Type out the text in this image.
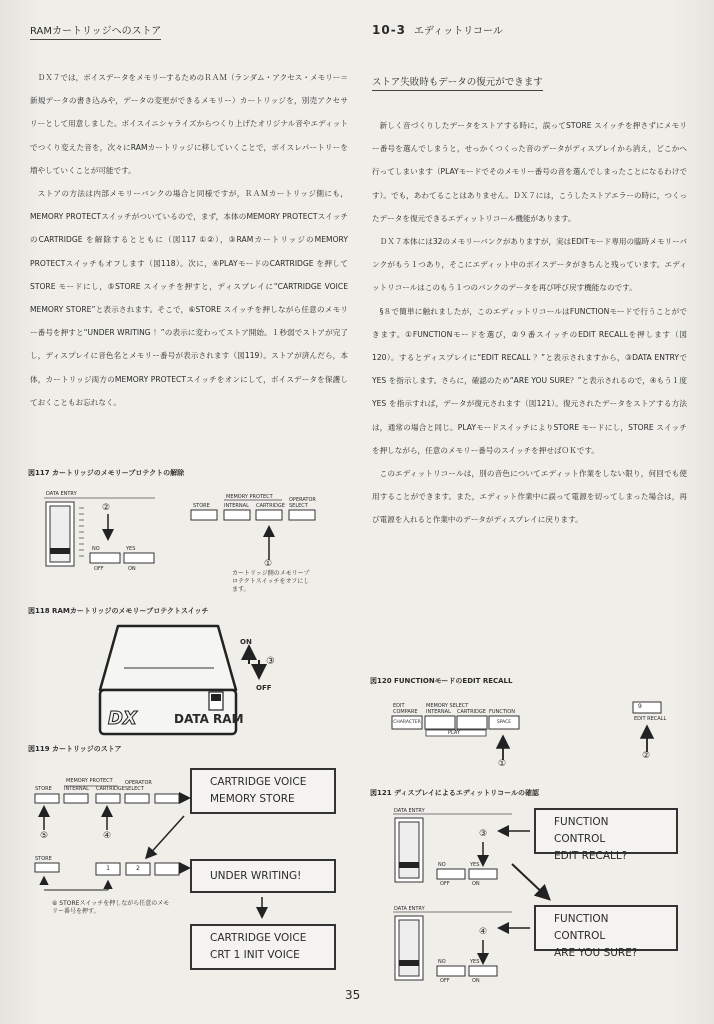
RAMカートリッジへのストア	10-3 エディットリコール

ＤＸ７では，ボイスデータをメモリーするためのＲＡＭ（ランダム・アクセス・メモリー＝新規データの書き込みや，データの変更ができるメモリー）カートリッジを，別売アクセサリーとして用意しました。ボイスイニシャライズからつくり上げたオリジナル音やエディットでつくり変えた音を，次々にRAMカートリッジに移していくことで，ボイスレパートリーを増やしていくことが可能です。

ストアの方法は内部メモリーバンクの場合と同様ですが，ＲＡＭカートリッジ側にも，MEMORY PROTECTスイッチがついているので，まず，本体のMEMORY PROTECTスイッチのCARTRIDGE を解除するとともに（図117 ①②），③RAMカートリッジのMEMORY PROTECTスイッチもオフします（図118）。次に，④PLAYモードのCARTRIDGE を押してSTORE モードにし，⑤STORE スイッチを押すと，ディスプレイに“CARTRIDGE VOICE MEMORY STORE”と表示されます。そこで，⑥STORE スイッチを押しながら任意のメモリー番号を押すと“UNDER WRITING ！”の表示に変わってストア開始。１秒弱でストアが完了し，ディスプレイに音色名とメモリー番号が表示されます（図119）。ストアが済んだら，本体，カートリッジ両方のMEMORY PROTECTスイッチをオンにして，ボイスデータを保護しておくこともお忘れなく。

ストア失敗時もデータの復元ができます

新しく音づくりしたデータをストアする時に，誤ってSTORE スイッチを押さずにメモリー番号を選んでしまうと，せっかくつくった音のデータがディスプレイから消え，どこかへ行ってしまいます（PLAYモードでそのメモリー番号の音を選んでしまったことになるわけです）。でも，あわてることはありません。ＤＸ７には，こうしたストアエラーの時に，つくったデータを復元できるエディットリコール機能があります。

ＤＸ７本体には32のメモリーバンクがありますが，実はEDITモード専用の臨時メモリーバンクがもう１つあり，そこにエディット中のボイスデータがきちんと残っています。エディットリコールはこのもう１つのバンクのデータを再び呼び戻す機能なのです。

§８で簡単に触れましたが，このエディットリコールはFUNCTIONモードで行うことができます。①FUNCTIONモードを選び，②９番スイッチのEDIT RECALLを押します（図120）。するとディスプレイに“EDIT RECALL ？”と表示されますから，③DATA ENTRYでYES を指示します。さらに，確認のため“ARE YOU SURE？”と表示されるので，④もう１度YES を指示すれば，データが復元されます（図121）。復元されたデータをストアする方法は，通常の場合と同じ。PLAYモードスイッチによりSTORE モードにし，STORE スイッチを押しながら，任意のメモリー番号のスイッチを押せばＯＫです。

このエディットリコールは，別の音色についてエディット作業をしない限り，何回でも使用することができます。また，エディット作業中に誤って電源を切ってしまった場合は，再び電源を入れると作業中のデータがディスプレイに戻ります。

図117 カートリッジのメモリープロテクトの解除
DATA ENTRY
②
NO	YES
OFF	ON
STORE
MEMORY PROTECT
INTERNAL CARTRIDGE
OPERATOR SELECT
①
カートリッジ側のメモリープロテクトスイッチをオフにします。
図118 RAMカートリッジのメモリープロテクトスイッチ
DX	DATA RAM
ON
OFF
③
図119 カートリッジのストア
STORE
MEMORY PROTECT
INTERNAL CARTRIDGE
OPERATOR SELECT
⑤	④
STORE
1	2
⑥ STOREスイッチを押しながら任意のメモリー番号を押す。
CARTRIDGE VOICE
MEMORY STORE
UNDER WRITING!
CARTRIDGE VOICE
CRT 1 INIT VOICE
図120 FUNCTIONモードのEDIT RECALL
EDIT COMPARE
MEMORY SELECT
INTERNAL CARTRIDGE FUNCTION
CHARACTER	SPACE
PLAY
9
EDIT RECALL
①
②
図121 ディスプレイによるエディットリコールの確認
DATA ENTRY
NO	YES
OFF	ON
③
DATA ENTRY
NO	YES
OFF	ON
④
FUNCTION CONTROL
EDIT RECALL?
FUNCTION CONTROL
ARE YOU SURE?
35
